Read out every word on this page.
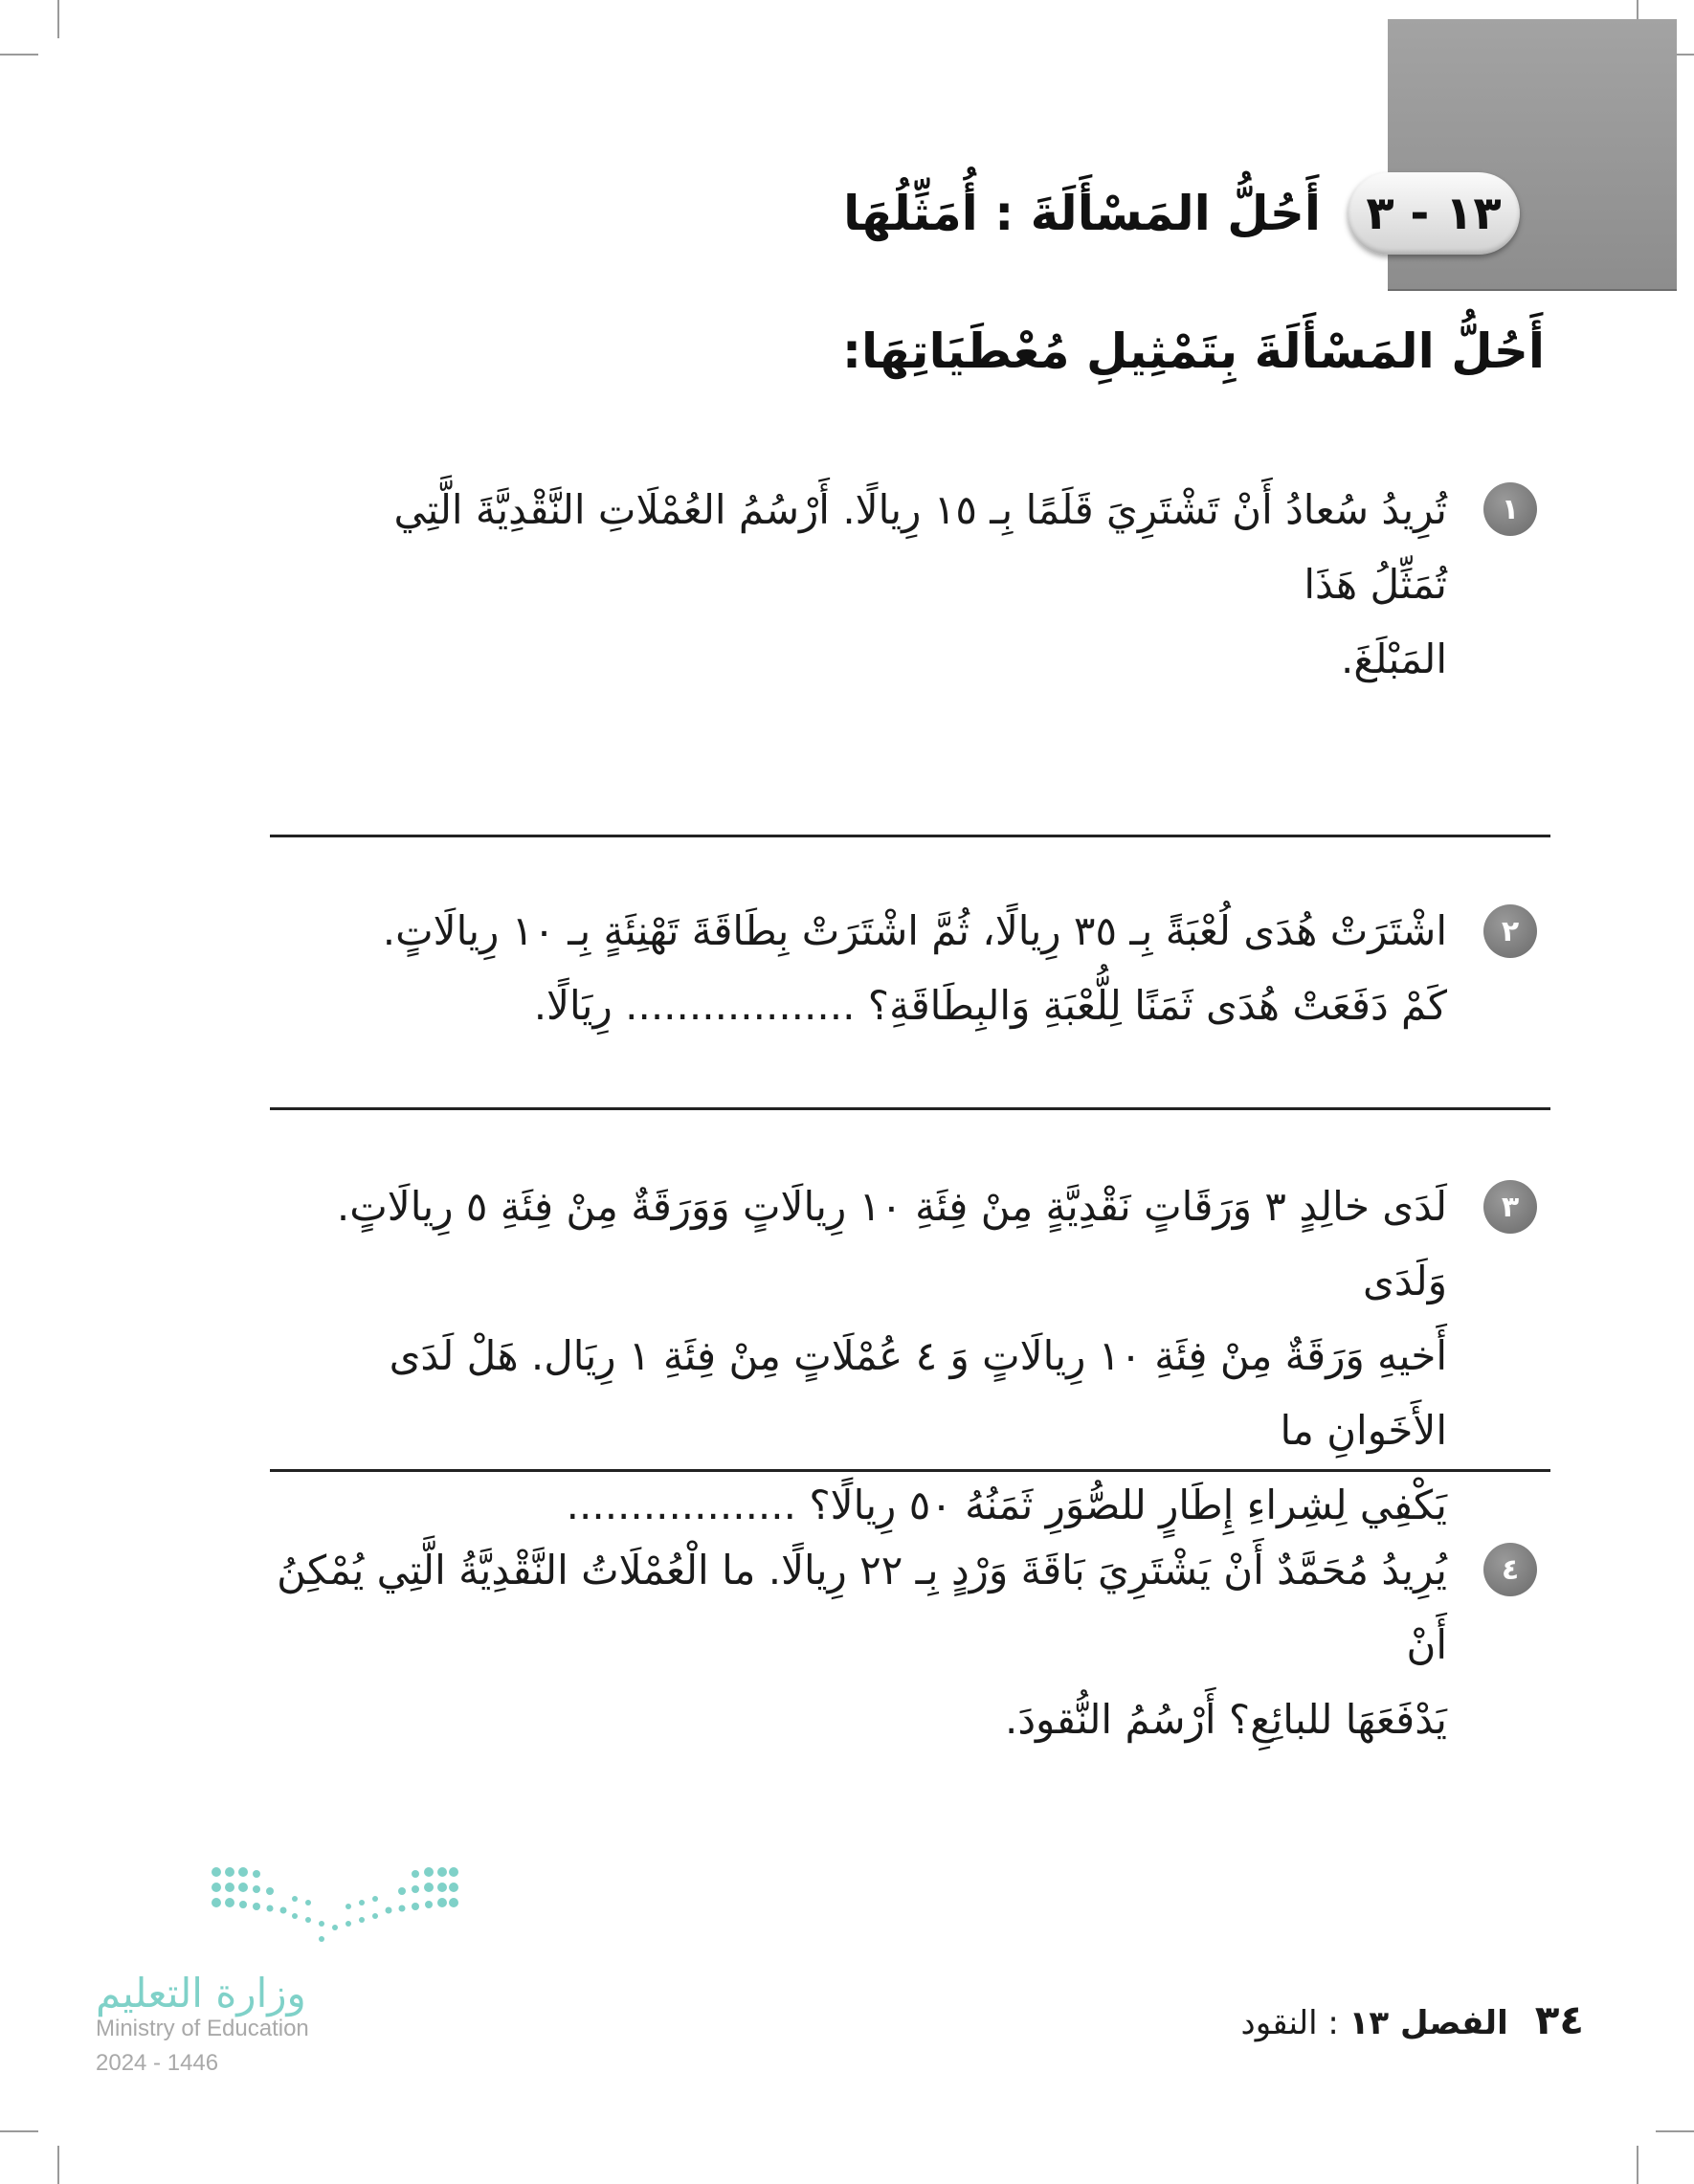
١٣ - ٣
أَحُلُّ المَسْأَلَةَ : أُمَثِّلُهَا
أَحُلُّ المَسْأَلَةَ بِتَمْثِيلِ مُعْطَيَاتِهَا:
١
تُرِيدُ سُعادُ أَنْ تَشْتَرِيَ قَلَمًا بِـ ١٥ رِيالًا. أَرْسُمُ العُمْلَاتِ النَّقْدِيَّةَ الَّتِي تُمَثِّلُ هَذَا
المَبْلَغَ.
٢
اشْتَرَتْ هُدَى لُعْبَةً بِـ ٣٥ رِيالًا، ثُمَّ اشْتَرَتْ بِطَاقَةَ تَهْنِئَةٍ بِـ ١٠ رِيالَاتٍ.
كَمْ دَفَعَتْ هُدَى ثَمَنًا لِلُّعْبَةِ وَالبِطَاقَةِ؟ .................. رِيَالًا.
٣
لَدَى خالِدٍ ٣ وَرَقَاتٍ نَقْدِيَّةٍ مِنْ فِئَةِ ١٠ رِيالَاتٍ وَوَرَقَةٌ مِنْ فِئَةِ ٥ رِيالَاتٍ. وَلَدَى
أَخيهِ وَرَقَةٌ مِنْ فِئَةِ ١٠ رِيالَاتٍ وَ ٤ عُمْلَاتٍ مِنْ فِئَةِ ١ رِيَال. هَلْ لَدَى الأَخَوانِ ما
يَكْفِي لِشِراءِ إِطَارٍ للصُّوَرِ ثَمَنُهُ ٥٠ رِيالًا؟ ..................
٤
يُرِيدُ مُحَمَّدٌ أَنْ يَشْتَرِيَ بَاقَةَ وَرْدٍ بِـ ٢٢ رِيالًا. ما الْعُمْلَاتُ النَّقْدِيَّةُ الَّتِي يُمْكِنُ أَنْ
يَدْفَعَهَا للبائِعِ؟ أَرْسُمُ النُّقودَ.
وزارة التعليم
Ministry of Education
2024 - 1446
٣٤
الفصل ١٣ : النقود
